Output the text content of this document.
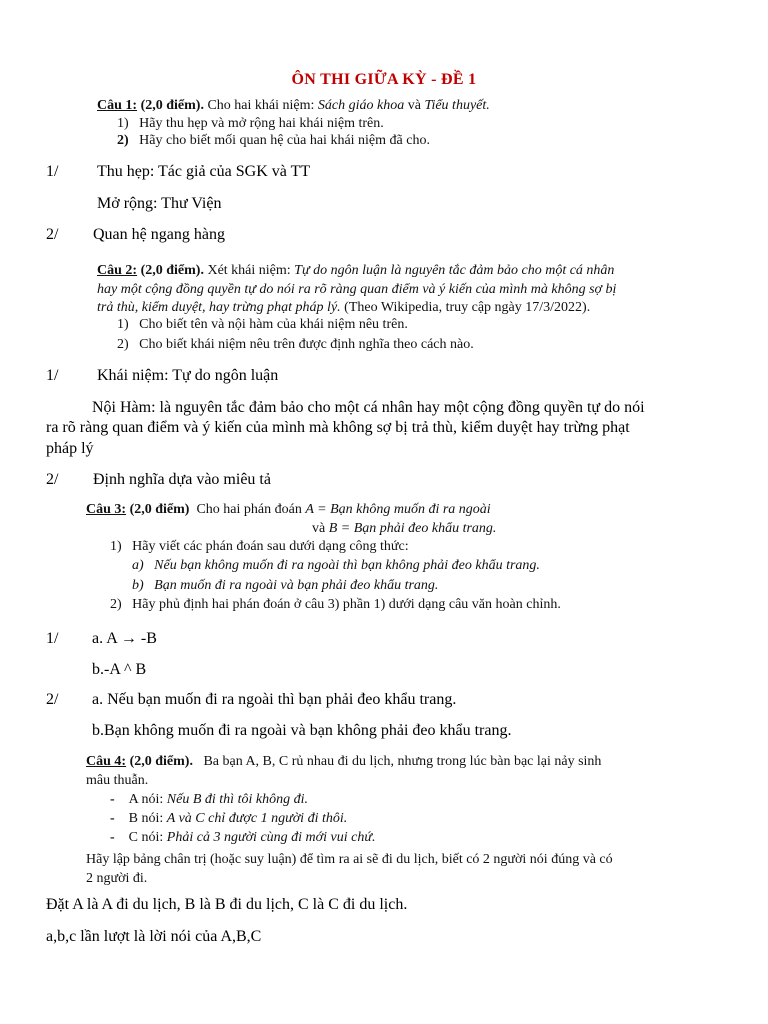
ÔN THI GIỮA KỲ - ĐỀ 1
Câu 1: (2,0 điểm). Cho hai khái niệm: Sách giáo khoa và Tiểu thuyết.
1) Hãy thu hẹp và mở rộng hai khái niệm trên.
2) Hãy cho biết mối quan hệ của hai khái niệm đã cho.
1/ Thu hẹp: Tác giả của SGK và TT
Mở rộng: Thư Viện
2/ Quan hệ ngang hàng
Câu 2: (2,0 điểm). Xét khái niệm: Tự do ngôn luận là nguyên tắc đảm bảo cho một cá nhân
hay một cộng đồng quyền tự do nói ra rõ ràng quan điểm và ý kiến của mình mà không sợ bị
trả thù, kiểm duyệt, hay trừng phạt pháp lý. (Theo Wikipedia, truy cập ngày 17/3/2022).
1) Cho biết tên và nội hàm của khái niệm nêu trên.
2) Cho biết khái niệm nêu trên được định nghĩa theo cách nào.
1/ Khái niệm: Tự do ngôn luận
Nội Hàm: là nguyên tắc đảm bảo cho một cá nhân hay một cộng đồng quyền tự do nói
ra rõ ràng quan điểm và ý kiến của mình mà không sợ bị trả thù, kiểm duyệt hay trừng phạt
pháp lý
2/ Định nghĩa dựa vào miêu tả
Câu 3: (2,0 điểm) Cho hai phán đoán A = Bạn không muốn đi ra ngoài
và B = Bạn phải đeo khẩu trang.
1) Hãy viết các phán đoán sau dưới dạng công thức:
a) Nếu bạn không muốn đi ra ngoài thì bạn không phải đeo khẩu trang.
b) Bạn muốn đi ra ngoài và bạn phải đeo khẩu trang.
2) Hãy phủ định hai phán đoán ở câu 3) phần 1) dưới dạng câu văn hoàn chỉnh.
1/ a. A → -B
b.-A ^ B
2/ a. Nếu bạn muốn đi ra ngoài thì bạn phải đeo khẩu trang.
b.Bạn không muốn đi ra ngoài và bạn không phải đeo khẩu trang.
Câu 4: (2,0 điểm). Ba bạn A, B, C rủ nhau đi du lịch, nhưng trong lúc bàn bạc lại nảy sinh
mâu thuẫn.
- A nói: Nếu B đi thì tôi không đi.
- B nói: A và C chỉ được 1 người đi thôi.
- C nói: Phải cả 3 người cùng đi mới vui chứ.
Hãy lập bảng chân trị (hoặc suy luận) để tìm ra ai sẽ đi du lịch, biết có 2 người nói đúng và có
2 người đi.
Đặt A là A đi du lịch, B là B đi du lịch, C là C đi du lịch.
a,b,c lần lượt là lời nói của A,B,C
